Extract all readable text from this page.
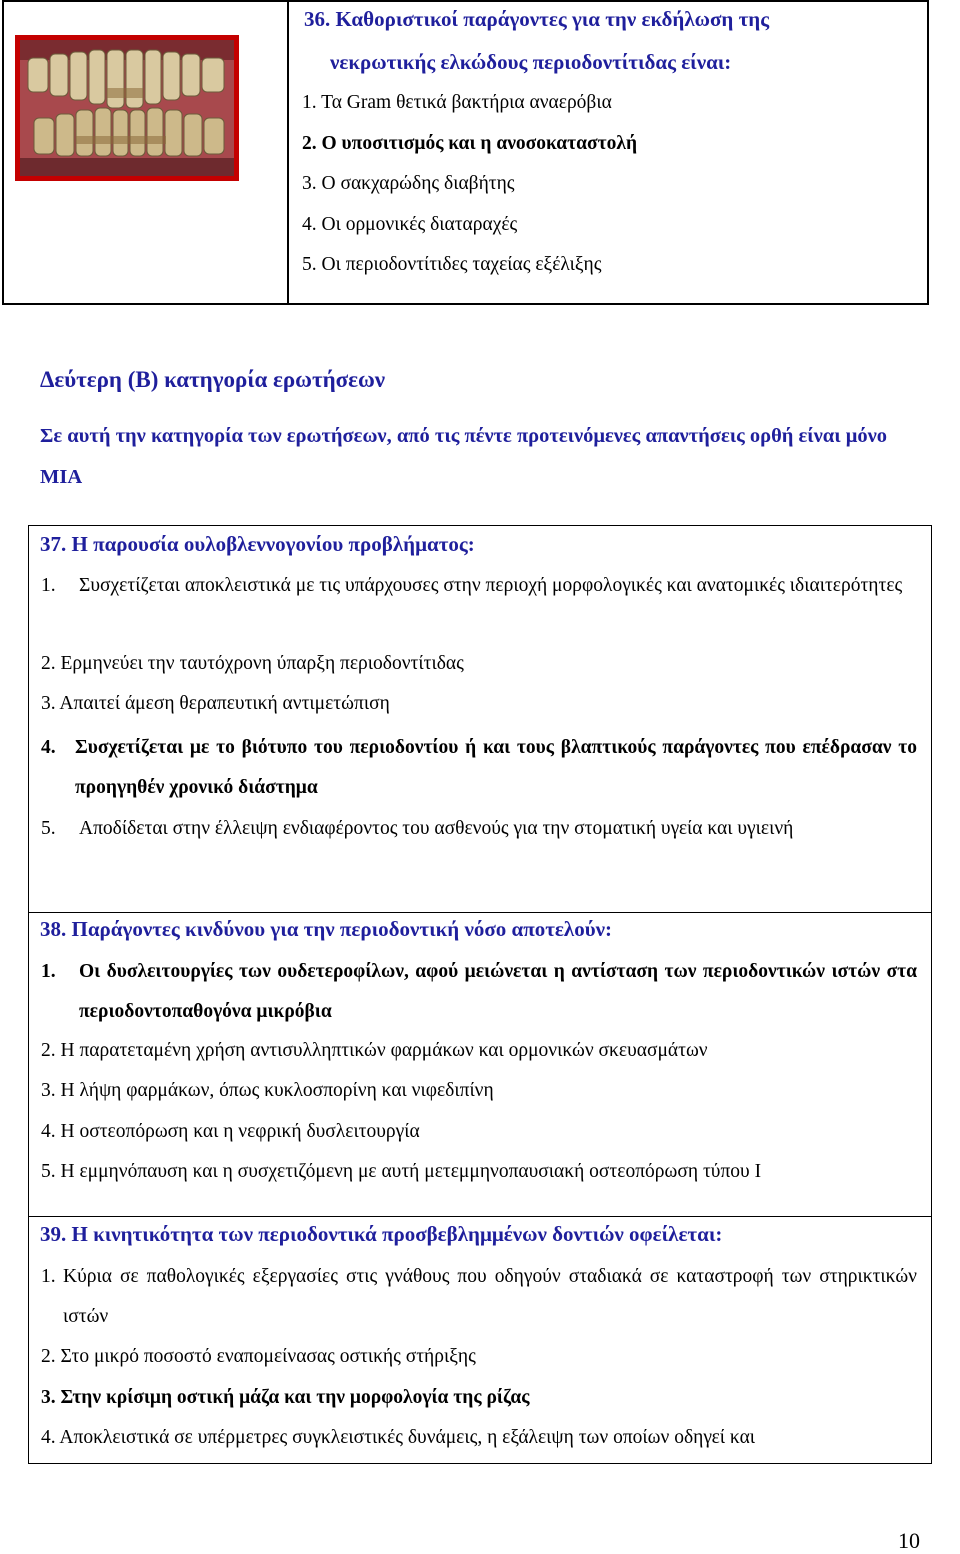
36. Καθοριστικοί παράγοντες για την εκδήλωση της
νεκρωτικής ελκώδους περιοδοντίτιδας είναι:
1. Τα Gram θετικά βακτήρια αναερόβια
2. Ο υποσιτισμός και η ανοσοκαταστολή
3. Ο σακχαρώδης διαβήτης
4. Οι ορμονικές διαταραχές
5. Οι περιοδοντίτιδες ταχείας εξέλιξης
Δεύτερη (Β) κατηγορία ερωτήσεων
Σε αυτή την κατηγορία των ερωτήσεων, από τις πέντε προτεινόμενες απαντήσεις ορθή είναι μόνο ΜΙΑ
37. Η παρουσία ουλοβλεννογονίου προβλήματος:
1.	Συσχετίζεται αποκλειστικά με τις υπάρχουσες στην περιοχή μορφολογικές και ανατομικές ιδιαιτερότητες
2. Ερμηνεύει την ταυτόχρονη ύπαρξη περιοδοντίτιδας
3. Απαιτεί άμεση θεραπευτική αντιμετώπιση
4. Συσχετίζεται με το βιότυπο του περιοδοντίου ή και τους βλαπτικούς παράγοντες που επέδρασαν το προηγηθέν χρονικό διάστημα
5.	Αποδίδεται στην έλλειψη ενδιαφέροντος του ασθενούς για την στοματική υγεία και υγιεινή
38. Παράγοντες κινδύνου για την περιοδοντική νόσο αποτελούν:
1.	Οι δυσλειτουργίες των ουδετεροφίλων, αφού μειώνεται η αντίσταση των περιοδοντικών ιστών στα περιοδοντοπαθογόνα μικρόβια
2. Η παρατεταμένη χρήση αντισυλληπτικών φαρμάκων και ορμονικών σκευασμάτων
3. Η λήψη φαρμάκων, όπως κυκλοσπορίνη και νιφεδιπίνη
4. Η οστεοπόρωση και η νεφρική δυσλειτουργία
5. Η εμμηνόπαυση και η συσχετιζόμενη με αυτή μετεμμηνοπαυσιακή οστεοπόρωση τύπου Ι
39. Η κινητικότητα των περιοδοντικά προσβεβλημμένων δοντιών οφείλεται:
1. Κύρια σε παθολογικές εξεργασίες στις γνάθους που οδηγούν σταδιακά σε καταστροφή των στηρικτικών ιστών
2. Στο μικρό ποσοστό εναπομείνασας οστικής στήριξης
3. Στην κρίσιμη οστική μάζα και την μορφολογία της ρίζας
4. Αποκλειστικά σε υπέρμετρες συγκλειστικές δυνάμεις, η εξάλειψη των οποίων οδηγεί και
10
